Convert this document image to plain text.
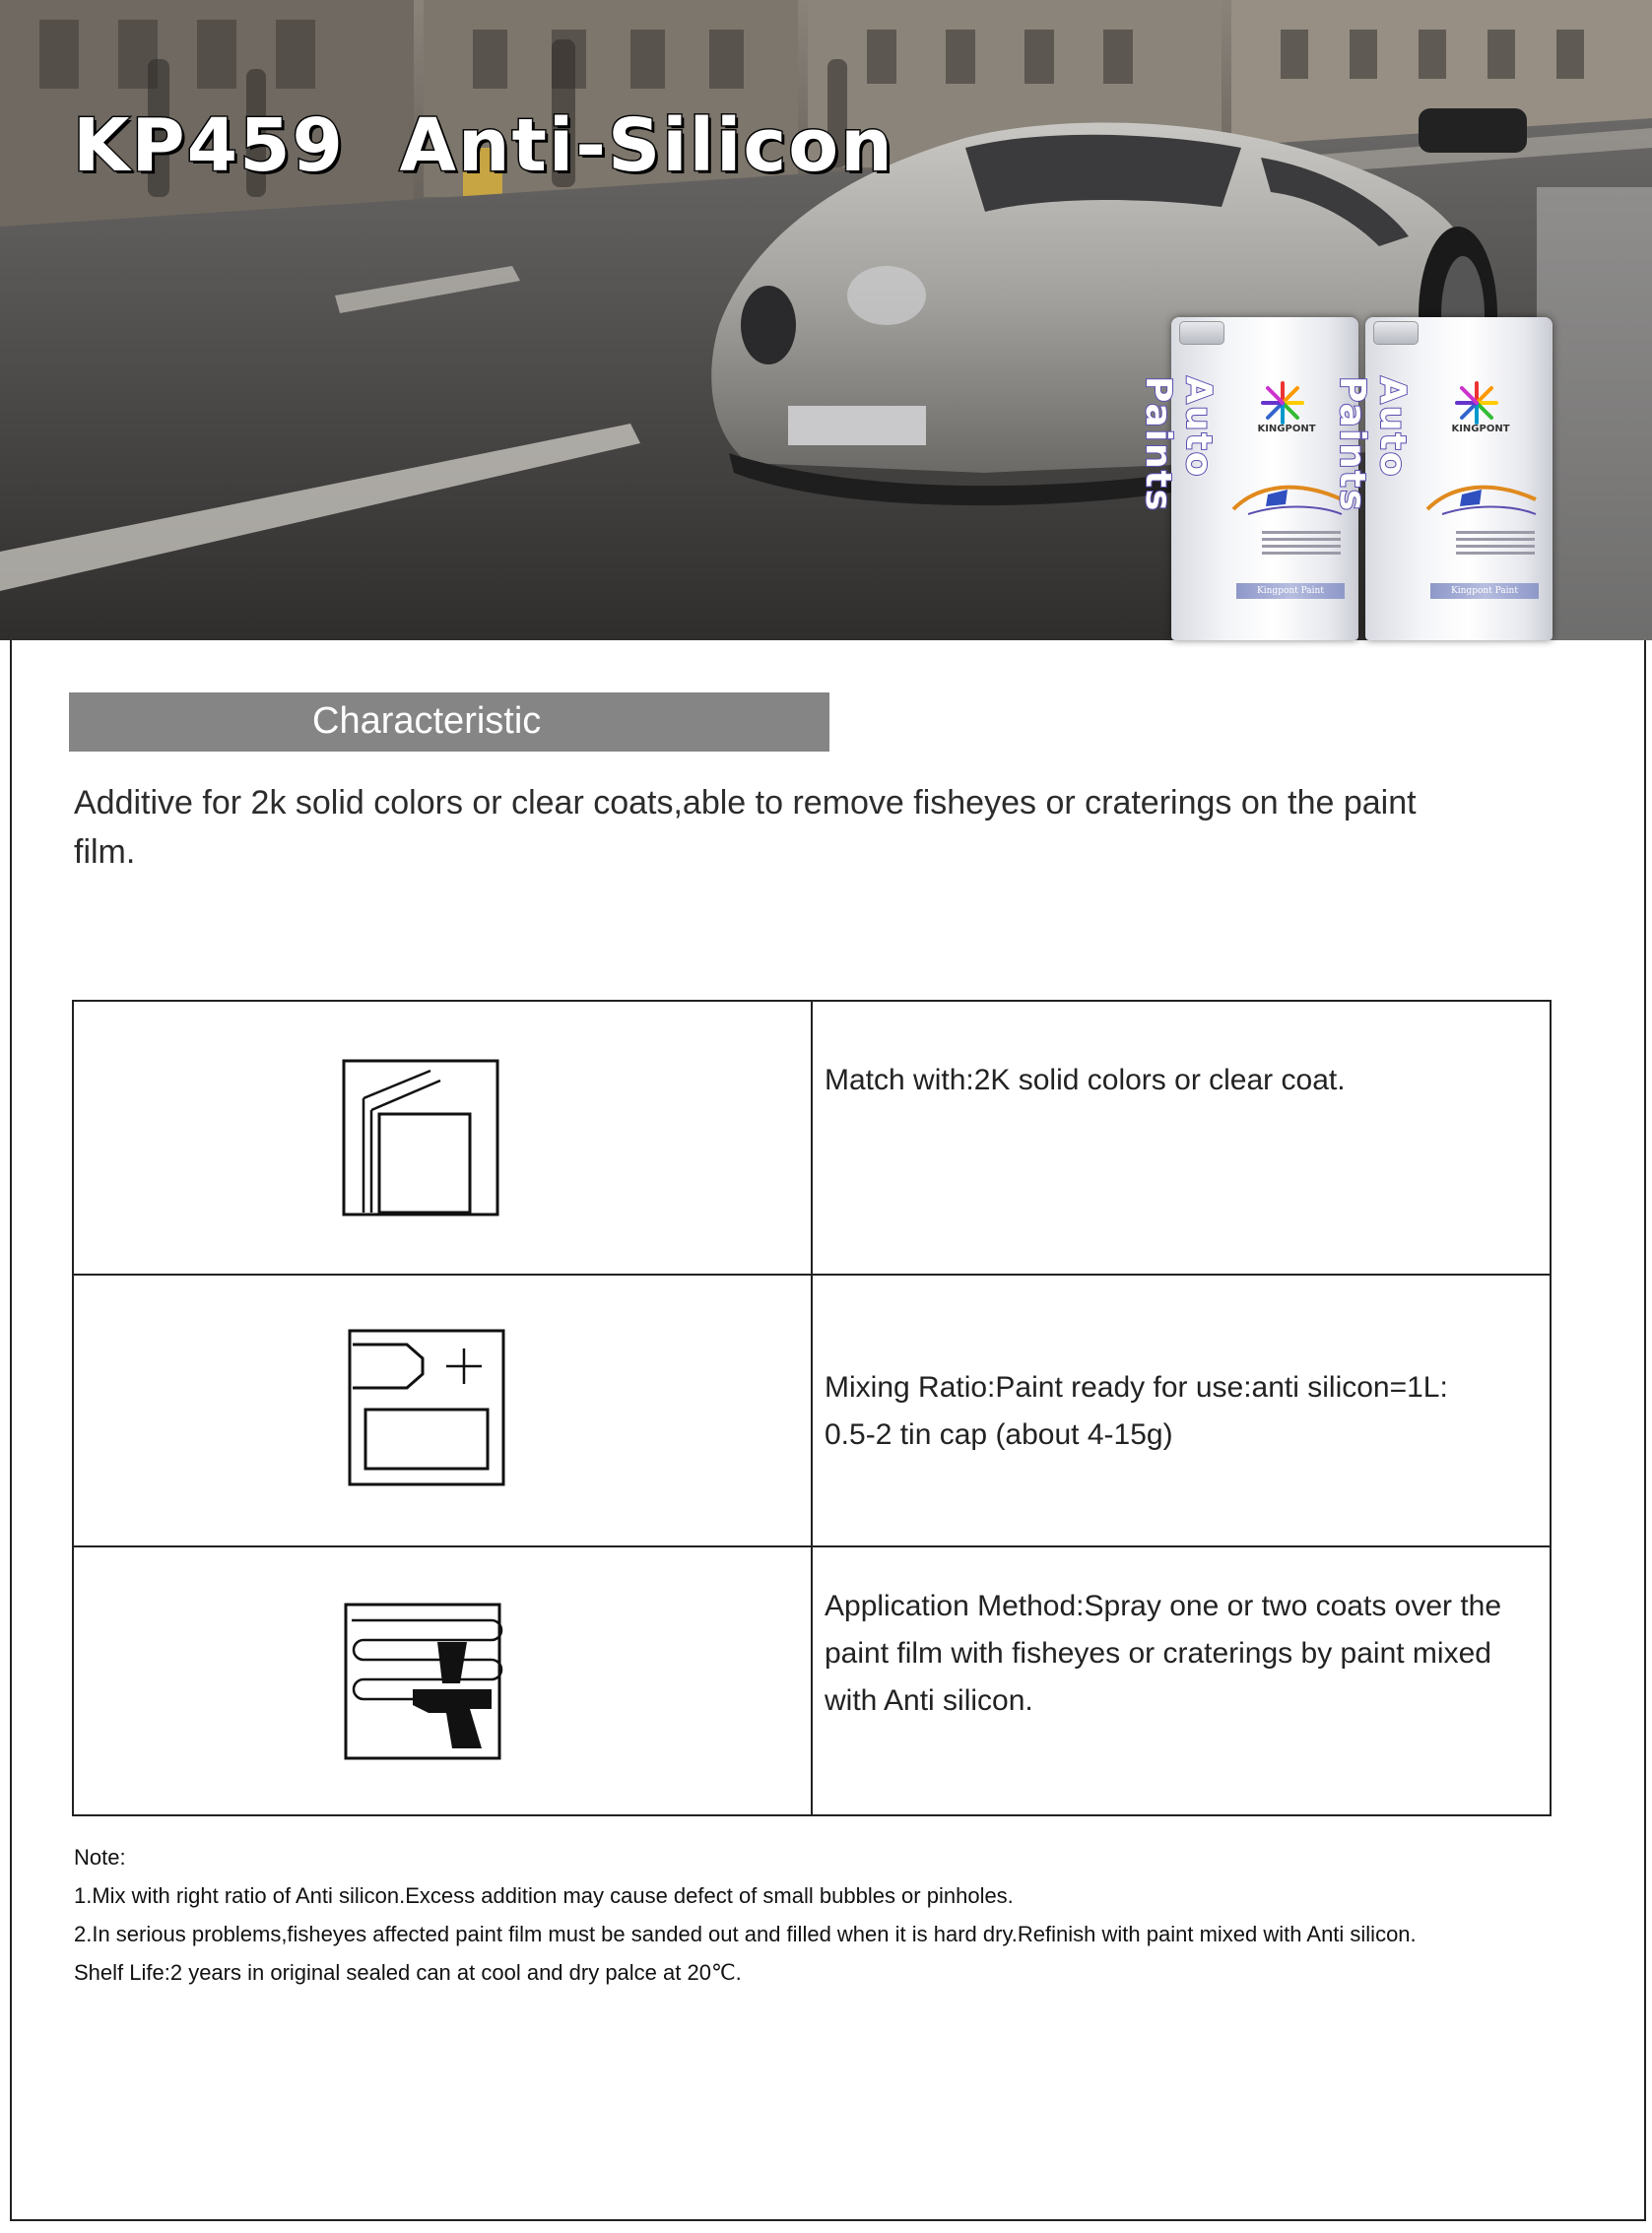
KP459  Anti-Silicon
Auto Paints	KINGPONT
Kingpont Paint
Auto Paints	KINGPONT
Kingpont Paint
Characteristic
Additive for 2k solid colors or clear coats,able to remove fisheyes or craterings on the paint film.
Match with:2K solid colors or clear coat.
Mixing Ratio:Paint ready for use:anti silicon=1L: 0.5-2 tin cap (about 4-15g)
Application Method:Spray one or two coats over the paint film with fisheyes or craterings by paint mixed with Anti silicon.
Note:
1.Mix with right ratio of Anti silicon.Excess addition may cause defect of small bubbles or pinholes.
2.In serious problems,fisheyes affected paint film must be sanded out and filled when it is hard dry.Refinish with paint mixed with Anti silicon.
Shelf Life:2 years in original sealed can at cool and dry palce at 20℃.
